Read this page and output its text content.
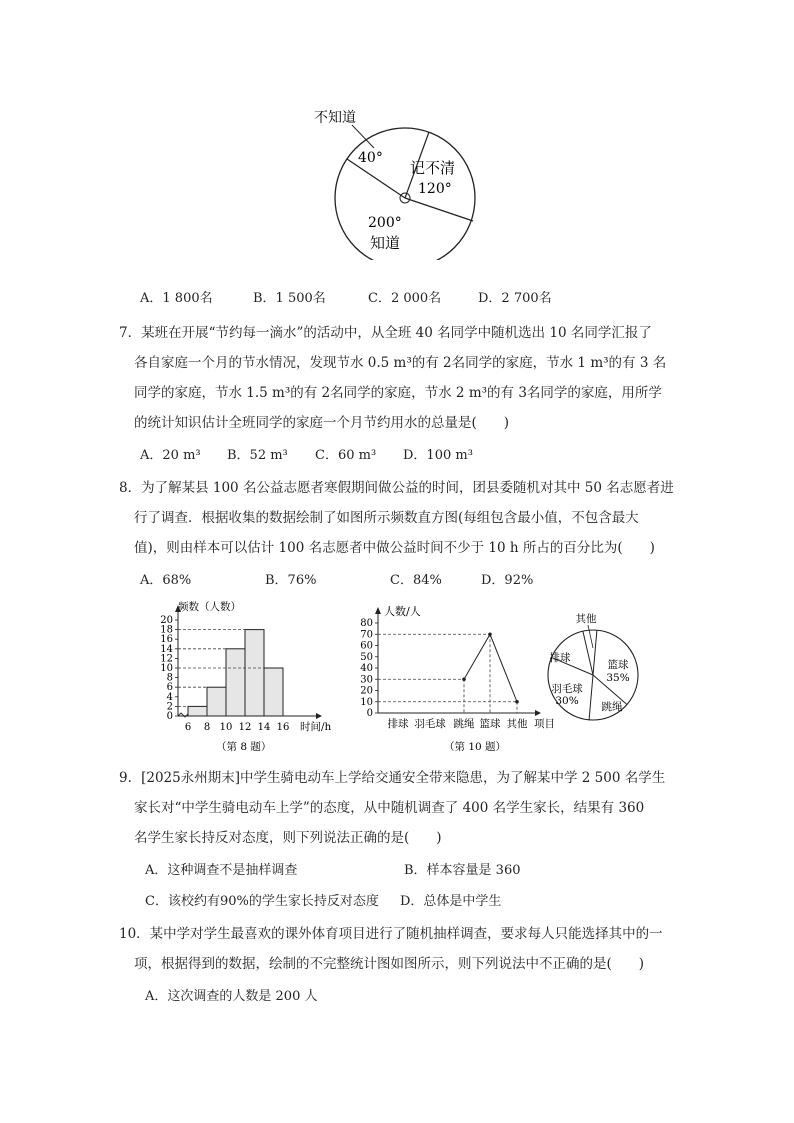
不知道
40°
记不清
120°
200°
知道
A．1 800名	B．1 500名	C．2 000名	D．2 700名
7．某班在开展“节约每一滴水”的活动中，从全班 40 名同学中随机选出 10 名同学汇报了
各自家庭一个月的节水情况，发现节水 0.5 m³的有 2名同学的家庭，节水 1 m³的有 3 名
同学的家庭，节水 1.5 m³的有 2名同学的家庭，节水 2 m³的有 3名同学的家庭，用所学
的统计知识估计全班同学的家庭一个月节约用水的总量是(　　)
A．20 m³ B．52 m³ C．60 m³ D．100 m³
8．为了解某县 100 名公益志愿者寒假期间做公益的时间，团县委随机对其中 50 名志愿者进
行了调查．根据收集的数据绘制了如图所示频数直方图(每组包含最小值，不包含最大
值)，则由样本可以估计 100 名志愿者中做公益时间不少于 10 h 所占的百分比为(　　)
A．68%	B．76%	C．84%	D．92%
0
2
4
6
8
10
12
14
16
18
20
6 8 10 12 14 16
频数（人数）
时间/h
（第 8 题）
0
10
20
30
40
50
60
70
80
排球 羽毛球 跳绳 篮球 其他
人数/人
项目
（第 10 题）
篮球
35%
跳绳
羽毛球
30%
排球
其他
9．[2025永州期末]中学生骑电动车上学给交通安全带来隐患，为了解某中学 2 500 名学生
家长对“中学生骑电动车上学”的态度，从中随机调查了 400 名学生家长，结果有 360
名学生家长持反对态度，则下列说法正确的是(　　)
A．这种调查不是抽样调查	B．样本容量是 360
C．该校约有90%的学生家长持反对态度 D．总体是中学生
10．某中学对学生最喜欢的课外体育项目进行了随机抽样调查，要求每人只能选择其中的一
项，根据得到的数据，绘制的不完整统计图如图所示，则下列说法中不正确的是(　　)
A．这次调查的人数是 200 人
